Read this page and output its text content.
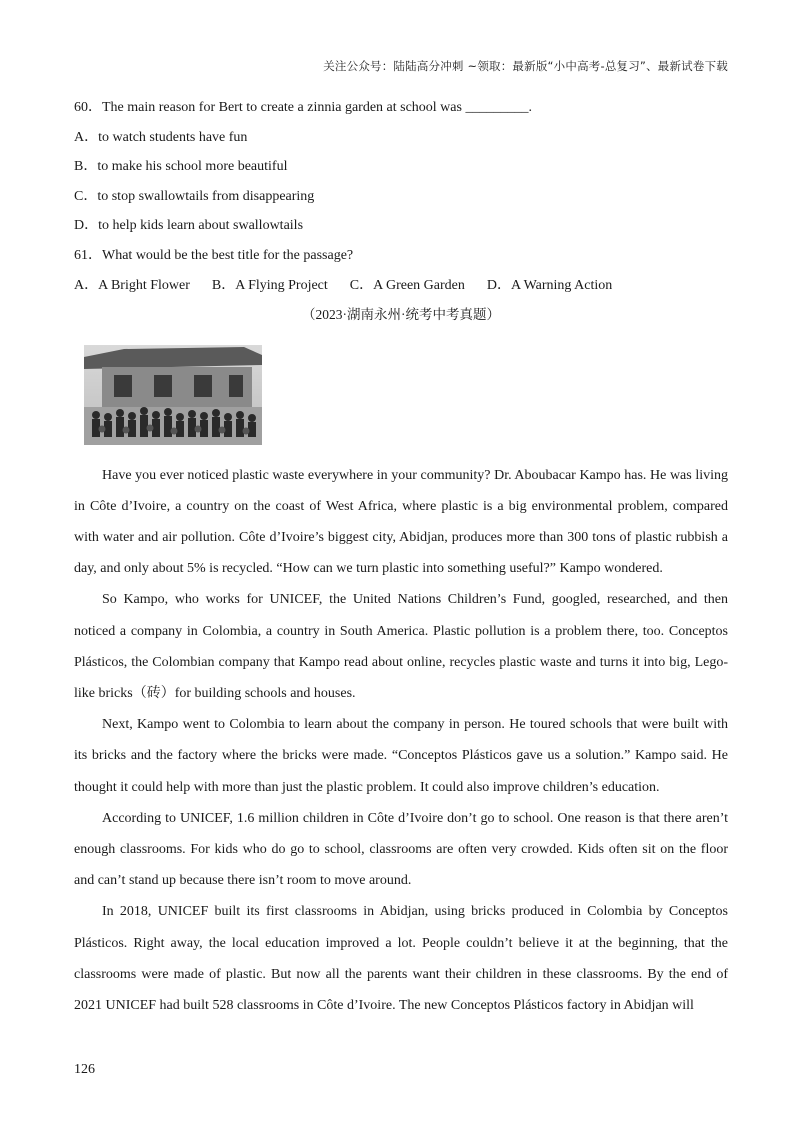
关注公众号：陆陆高分冲刺 ~领取：最新版“小中高考-总复习”、最新试卷下载
60．The main reason for Bert to create a zinnia garden at school was _________.
A．to watch students have fun
B．to make his school more beautiful
C．to stop swallowtails from disappearing
D．to help kids learn about swallowtails
61．What would be the best title for the passage?
A．A Bright Flower B．A Flying Project C．A Green Garden D．A Warning Action
（2023·湖南永州·统考中考真题）

Have you ever noticed plastic waste everywhere in your community? Dr. Aboubacar Kampo has. He was living in Côte d’Ivoire, a country on the coast of West Africa, where plastic is a big environmental problem, compared with water and air pollution. Côte d’Ivoire’s biggest city, Abidjan, produces more than 300 tons of plastic rubbish a day, and only about 5% is recycled. “How can we turn plastic into something useful?” Kampo wondered.

So Kampo, who works for UNICEF, the United Nations Children’s Fund, googled, researched, and then noticed a company in Colombia, a country in South America. Plastic pollution is a problem there, too. Conceptos Plásticos, the Colombian company that Kampo read about online, recycles plastic waste and turns it into big, Lego-like bricks（砖）for building schools and houses.

Next, Kampo went to Colombia to learn about the company in person. He toured schools that were built with its bricks and the factory where the bricks were made. “Conceptos Plásticos gave us a solution.” Kampo said. He thought it could help with more than just the plastic problem. It could also improve children’s education.

According to UNICEF, 1.6 million children in Côte d’Ivoire don’t go to school. One reason is that there aren’t enough classrooms. For kids who do go to school, classrooms are often very crowded. Kids often sit on the floor and can’t stand up because there isn’t room to move around.

In 2018, UNICEF built its first classrooms in Abidjan, using bricks produced in Colombia by Conceptos Plásticos. Right away, the local education improved a lot. People couldn’t believe it at the beginning, that the classrooms were made of plastic. But now all the parents want their children in these classrooms. By the end of 2021 UNICEF had built 528 classrooms in Côte d’Ivoire. The new Conceptos Plásticos factory in Abidjan will

126
